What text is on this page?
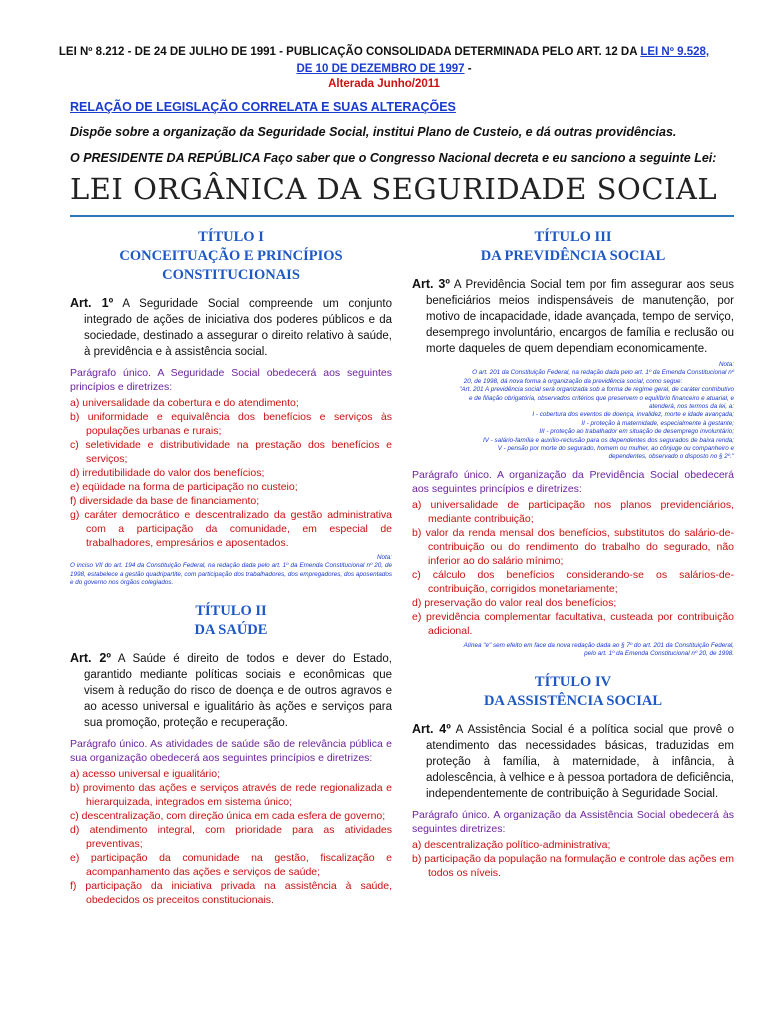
LEI Nº 8.212 - DE 24 DE JULHO DE 1991 - PUBLICAÇÃO CONSOLIDADA DETERMINADA PELO ART. 12 DA LEI Nº 9.528,
DE 10 DE DEZEMBRO DE 1997 -
Alterada Junho/2011
RELAÇÃO DE LEGISLAÇÃO CORRELATA E SUAS ALTERAÇÕES
Dispõe sobre a organização da Seguridade Social, institui Plano de Custeio, e dá outras providências.
O PRESIDENTE DA REPÚBLICA Faço saber que o Congresso Nacional decreta e eu sanciono a seguinte Lei:
LEI ORGÂNICA DA SEGURIDADE SOCIAL
TÍTULO I
CONCEITUAÇÃO E PRINCÍPIOS CONSTITUCIONAIS
Art. 1º A Seguridade Social compreende um conjunto integrado de ações de iniciativa dos poderes públicos e da sociedade, destinado a assegurar o direito relativo à saúde, à previdência e à assistência social.
Parágrafo único. A Seguridade Social obedecerá aos seguintes princípios e diretrizes:
a) universalidade da cobertura e do atendimento;
b) uniformidade e equivalência dos benefícios e serviços às populações urbanas e rurais;
c) seletividade e distributividade na prestação dos benefícios e serviços;
d) irredutibilidade do valor dos benefícios;
e) eqüidade na forma de participação no custeio;
f) diversidade da base de financiamento;
g) caráter democrático e descentralizado da gestão administrativa com a participação da comunidade, em especial de trabalhadores, empresários e aposentados.
Nota:
O inciso VII do art. 194 da Constituição Federal, na redação dada pelo art. 1º da Emenda Constitucional nº 20, de 1998, estabelece a gestão quadripartite, com participação dos trabalhadores, dos empregadores, dos aposentados e do governo nos órgãos colegiados.
TÍTULO II
DA SAÚDE
Art. 2º A Saúde é direito de todos e dever do Estado, garantido mediante políticas sociais e econômicas que visem à redução do risco de doença e de outros agravos e ao acesso universal e igualitário às ações e serviços para sua promoção, proteção e recuperação.
Parágrafo único. As atividades de saúde são de relevância pública e sua organização obedecerá aos seguintes princípios e diretrizes:
a) acesso universal e igualitário;
b) provimento das ações e serviços através de rede regionalizada e hierarquizada, integrados em sistema único;
c) descentralização, com direção única em cada esfera de governo;
d) atendimento integral, com prioridade para as atividades preventivas;
e) participação da comunidade na gestão, fiscalização e acompanhamento das ações e serviços de saúde;
f) participação da iniciativa privada na assistência à saúde, obedecidos os preceitos constitucionais.
TÍTULO III
DA PREVIDÊNCIA SOCIAL
Art. 3º A Previdência Social tem por fim assegurar aos seus beneficiários meios indispensáveis de manutenção, por motivo de incapacidade, idade avançada, tempo de serviço, desemprego involuntário, encargos de família e reclusão ou morte daqueles de quem dependiam economicamente.
Nota:
O art. 201 da Constituição Federal, na redação dada pelo art. 1º da Emenda Constitucional nº
20, de 1998, dá nova forma à organização da previdência social, como segue:
"Art. 201 A previdência social será organizada sob a forma de regime geral, de caráter contributivo
e de filiação obrigatória, observados critérios que preservem o equilíbrio financeiro e atuarial, e
atenderá, nos termos da lei, a:
I - cobertura dos eventos de doença, invalidez, morte e idade avançada;
II - proteção à maternidade, especialmente à gestante;
III - proteção ao trabalhador em situação de desemprego involuntário;
IV - salário-família e auxílio-reclusão para os dependentes dos segurados de baixa renda;
V - pensão por morte do segurado, homem ou mulher, ao cônjuge ou companheiro e
dependentes, observado o disposto no § 2º."
Parágrafo único. A organização da Previdência Social obedecerá aos seguintes princípios e diretrizes:
a) universalidade de participação nos planos previdenciários, mediante contribuição;
b) valor da renda mensal dos benefícios, substitutos do salário-de-contribuição ou do rendimento do trabalho do segurado, não inferior ao do salário mínimo;
c) cálculo dos benefícios considerando-se os salários-de-contribuição, corrigidos monetariamente;
d) preservação do valor real dos benefícios;
e) previdência complementar facultativa, custeada por contribuição adicional.
Alínea "e" sem efeito em face da nova redação dada ao § 7º do art. 201 da Constituição Federal,
pelo art. 1º da Emenda Constitucional nº 20, de 1998.
TÍTULO IV
DA ASSISTÊNCIA SOCIAL
Art. 4º A Assistência Social é a política social que provê o atendimento das necessidades básicas, traduzidas em proteção à família, à maternidade, à infância, à adolescência, à velhice e à pessoa portadora de deficiência, independentemente de contribuição à Seguridade Social.
Parágrafo único. A organização da Assistência Social obedecerá às seguintes diretrizes:
a) descentralização político-administrativa;
b) participação da população na formulação e controle das ações em todos os níveis.
